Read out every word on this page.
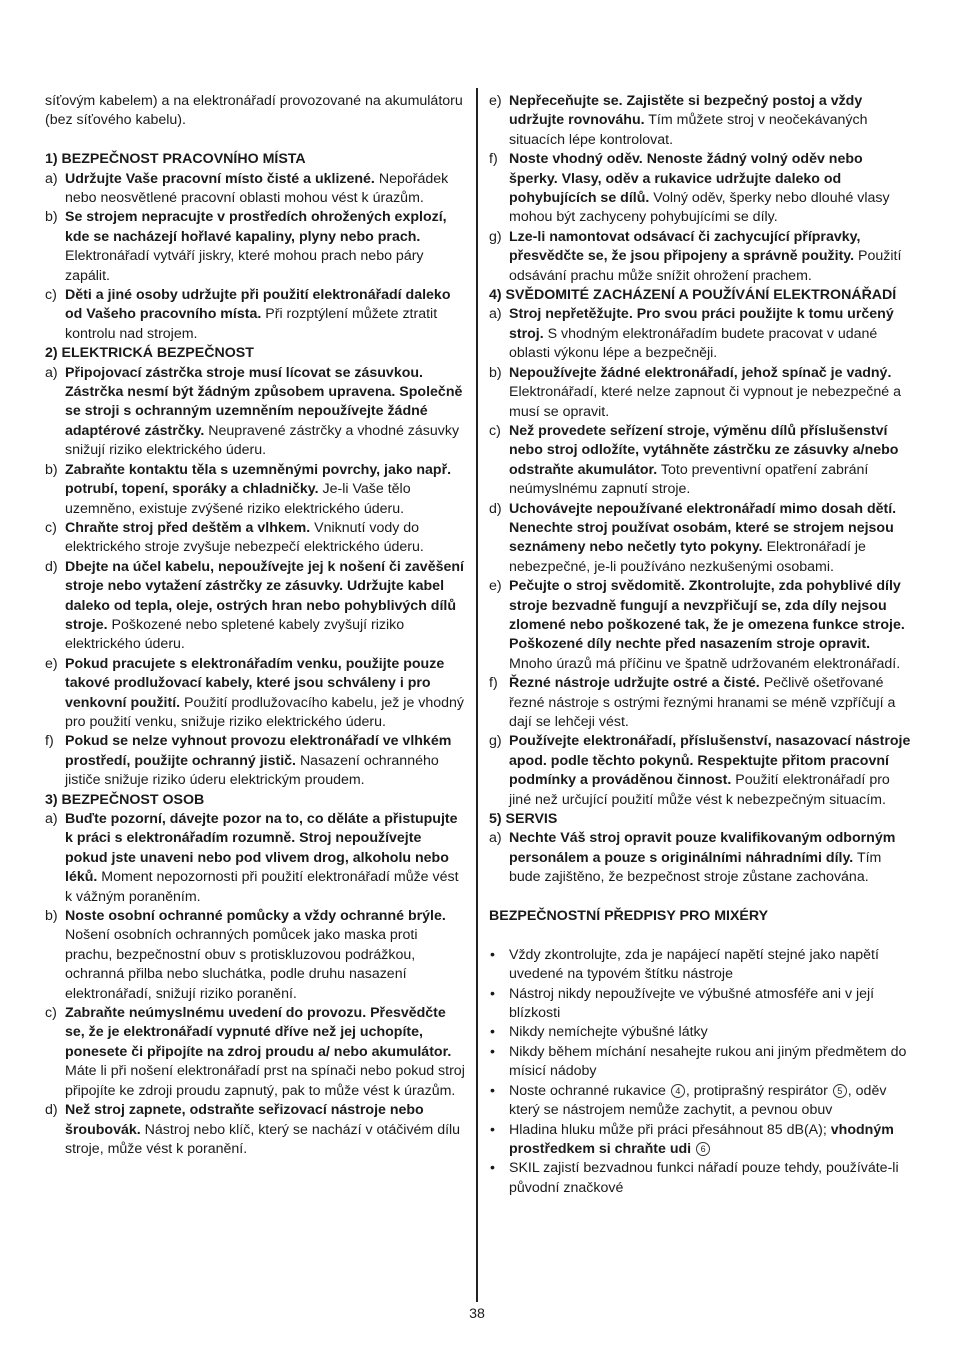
síťovým kabelem) a na elektronářadí provozované na akumulátoru (bez síťového kabelu).

1) BEZPEČNOST PRACOVNÍHO MÍSTA

a) Udržujte Vaše pracovní místo čisté a uklizené. Nepořádek nebo neosvětlené pracovní oblasti mohou vést k úrazům.

b) Se strojem nepracujte v prostředích ohrožených explozí, kde se nacházejí hořlavé kapaliny, plyny nebo prach. Elektronářadí vytváří jiskry, které mohou prach nebo páry zapálit.

c) Děti a jiné osoby udržujte při použití elektronářadí daleko od Vašeho pracovního místa. Při rozptýlení můžete ztratit kontrolu nad strojem.

2) ELEKTRICKÁ BEZPEČNOST

a) Připojovací zástrčka stroje musí lícovat se zásuvkou. Zástrčka nesmí být žádným způsobem upravena. Společně se stroji s ochranným uzemněním nepoužívejte žádné adaptérové zástrčky. Neupravené zástrčky a vhodné zásuvky snižují riziko elektrického úderu.

b) Zabraňte kontaktu těla s uzemněnými povrchy, jako např. potrubí, topení, sporáky a chladničky. Je-li Vaše tělo uzemněno, existuje zvýšené riziko elektrického úderu.

c) Chraňte stroj před deštěm a vlhkem. Vniknutí vody do elektrického stroje zvyšuje nebezpečí elektrického úderu.

d) Dbejte na účel kabelu, nepoužívejte jej k nošení či zavěšení stroje nebo vytažení zástrčky ze zásuvky. Udržujte kabel daleko od tepla, oleje, ostrých hran nebo pohyblivých dílů stroje. Poškozené nebo spletené kabely zvyšují riziko elektrického úderu.

e) Pokud pracujete s elektronářadím venku, použijte pouze takové prodlužovací kabely, které jsou schváleny i pro venkovní použití. Použití prodlužovacího kabelu, jež je vhodný pro použití venku, snižuje riziko elektrického úderu.

f) Pokud se nelze vyhnout provozu elektronářadí ve vlhkém prostředí, použijte ochranný jistič. Nasazení ochranného jističe snižuje riziko úderu elektrickým proudem.

3) BEZPEČNOST OSOB

a) Buďte pozorní, dávejte pozor na to, co děláte a přistupujte k práci s elektronářadím rozumně. Stroj nepoužívejte pokud jste unaveni nebo pod vlivem drog, alkoholu nebo léků. Moment nepozornosti při použití elektronářadí může vést k vážným poraněním.

b) Noste osobní ochranné pomůcky a vždy ochranné brýle. Nošení osobních ochranných pomůcek jako maska proti prachu, bezpečnostní obuv s protiskluzovou podrážkou, ochranná přilba nebo sluchátka, podle druhu nasazení elektronářadí, snižují riziko poranění.

c) Zabraňte neúmyslnému uvedení do provozu. Přesvědčte se, že je elektronářadí vypnuté dříve než jej uchopíte, ponesete či připojíte na zdroj proudu a/ nebo akumulátor. Máte li při nošení elektronářadí prst na spínači nebo pokud stroj připojíte ke zdroji proudu zapnutý, pak to může vést k úrazům.

d) Než stroj zapnete, odstraňte seřizovací nástroje nebo šroubovák. Nástroj nebo klíč, který se nachází v otáčivém dílu stroje, může vést k poranění.

e) Nepřeceňujte se. Zajistěte si bezpečný postoj a vždy udržujte rovnováhu. Tím můžete stroj v neočekávaných situacích lépe kontrolovat.

f) Noste vhodný oděv. Nenoste žádný volný oděv nebo šperky. Vlasy, oděv a rukavice udržujte daleko od pohybujících se dílů. Volný oděv, šperky nebo dlouhé vlasy mohou být zachyceny pohybujícími se díly.

g) Lze-li namontovat odsávací či zachycující přípravky, přesvědčte se, že jsou připojeny a správně použity. Použití odsávání prachu může snížit ohrožení prachem.

4) SVĚDOMITÉ ZACHÁZENÍ A POUŽÍVÁNÍ ELEKTRONÁŘADÍ

a) Stroj nepřetěžujte. Pro svou práci použijte k tomu určený stroj. S vhodným elektronářadím budete pracovat v udané oblasti výkonu lépe a bezpečněji.

b) Nepoužívejte žádné elektronářadí, jehož spínač je vadný. Elektronářadí, které nelze zapnout či vypnout je nebezpečné a musí se opravit.

c) Než provedete seřízení stroje, výměnu dílů příslušenství nebo stroj odložíte, vytáhněte zástrčku ze zásuvky a/nebo odstraňte akumulátor. Toto preventivní opatření zabrání neúmyslnému zapnutí stroje.

d) Uchovávejte nepoužívané elektronářadí mimo dosah dětí. Nenechte stroj používat osobám, které se strojem nejsou seznámeny nebo nečetly tyto pokyny. Elektronářadí je nebezpečné, je-li používáno nezkušenými osobami.

e) Pečujte o stroj svědomitě. Zkontrolujte, zda pohyblivé díly stroje bezvadně fungují a nevzpřičují se, zda díly nejsou zlomené nebo poškozené tak, že je omezena funkce stroje. Poškozené díly nechte před nasazením stroje opravit. Mnoho úrazů má příčinu ve špatně udržovaném elektronářadí.

f) Řezné nástroje udržujte ostré a čisté. Pečlivě ošetřované řezné nástroje s ostrými řeznými hranami se méně vzpříčují a dají se lehčeji vést.

g) Používejte elektronářadí, příslušenství, nasazovací nástroje apod. podle těchto pokynů. Respektujte přitom pracovní podmínky a prováděnou činnost. Použití elektronářadí pro jiné než určující použití může vést k nebezpečným situacím.

5) SERVIS

a) Nechte Váš stroj opravit pouze kvalifikovaným odborným personálem a pouze s originálními náhradními díly. Tím bude zajištěno, že bezpečnost stroje zůstane zachována.

BEZPEČNOSTNÍ PŘEDPISY PRO MIXÉRY

• Vždy zkontrolujte, zda je napájecí napětí stejné jako napětí uvedené na typovém štítku nástroje

• Nástroj nikdy nepoužívejte ve výbušné atmosféře ani v její blízkosti

• Nikdy nemíchejte výbušné látky

• Nikdy během míchání nesahejte rukou ani jiným předmětem do mísicí nádoby

• Noste ochranné rukavice 4 , protiprašný respirátor 5 , oděv který se nástrojem nemůže zachytit, a pevnou obuv

• Hladina hluku může při práci přesáhnout 85 dB(A); vhodným prostředkem si chraňte udi 6

• SKIL zajistí bezvadnou funkci nářadí pouze tehdy, používáte-li původní značkové

38
